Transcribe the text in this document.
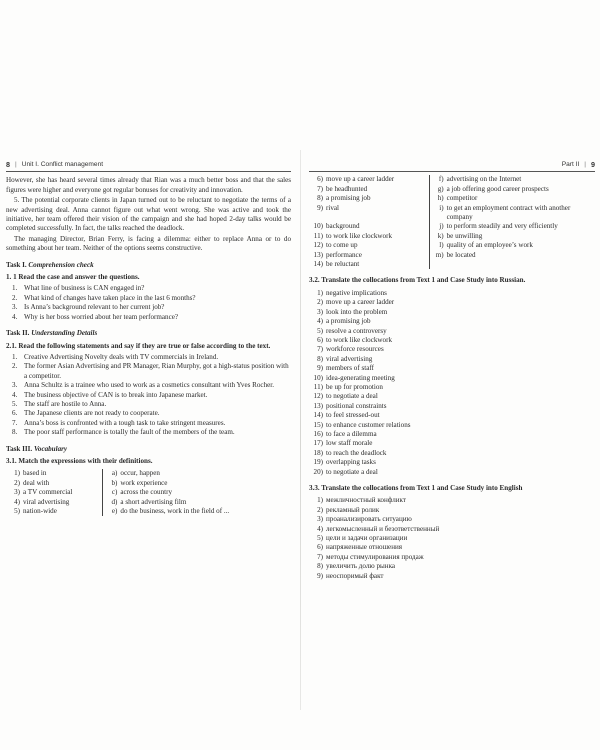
8 | Unit I. Conflict management

However, she has heard several times already that Rian was a much better boss and that the sales figures were higher and everyone got regular bonuses for creativity and innovation.

5. The potential corporate clients in Japan turned out to be reluctant to negotiate the terms of a new advertising deal. Anna cannot figure out what went wrong. She was active and took the initiative, her team offered their vision of the campaign and she had hoped 2-day talks would be completed successfully. In fact, the talks reached the deadlock.

The managing Director, Brian Ferry, is facing a dilemma: either to replace Anna or to do something about her team. Neither of the options seems constructive.

Task I. Comprehension check
1. 1 Read the case and answer the questions.
1. What line of business is CAN engaged in?
2. What kind of changes have taken place in the last 6 months?
3. Is Anna’s background relevant to her current job?
4. Why is her boss worried about her team performance?
Task II. Understanding Details
2.1. Read the following statements and say if they are true or false according to the text.
1. Creative Advertising Novelty deals with TV commercials in Ireland.
2. The former Asian Advertising and PR Manager, Rian Murphy, got a high-status position with a competitor.
3. Anna Schultz is a trainee who used to work as a cosmetics consultant with Yves Rocher.
4. The business objective of CAN is to break into Japanese market.
5. The staff are hostile to Anna.
6. The Japanese clients are not ready to cooperate.
7. Anna’s boss is confronted with a tough task to take stringent measures.
8. The poor staff performance is totally the fault of the members of the team.
Task III. Vocabulary
3.1. Match the expressions with their definitions.
1) based in
2) deal with
3) a TV commercial
4) viral advertising
5) nation-wide

a) occur, happen
b) work experience
c) across the country
d) a short advertising film
e) do the business, work in the field of ...
Part II | 9
6) move up a career ladder
7) be headhunted
8) a promising job
9) rival

10) background
11) to work like clockwork
12) to come up
13) performance
14) be reluctant

f) advertising on the Internet
g) a job offering good career prospects
h) competitor
i) to get an employment contract with another company
j) to perform steadily and very efficiently
k) be unwilling
l) quality of an employee’s work
m) be located
3.2. Translate the collocations from Text 1 and Case Study into Russian.
1) negative implications
2) move up a career ladder
3) look into the problem
4) a promising job
5) resolve a controversy
6) to work like clockwork
7) workforce resources
8) viral advertising
9) members of staff
10) idea-generating meeting
11) be up for promotion
12) to negotiate a deal
13) positional constraints
14) to feel stressed-out
15) to enhance customer relations
16) to face a dilemma
17) low staff morale
18) to reach the deadlock
19) overlapping tasks
20) to negotiate a deal
3.3. Translate the collocations from Text 1 and Case Study into English
1) межличностный конфликт
2) рекламный ролик
3) проанализировать ситуацию
4) легкомысленный и безответственный
5) цели и задачи организации
6) напряженные отношения
7) методы стимулирования продаж
8) увеличить долю рынка
9) неоспоримый факт
